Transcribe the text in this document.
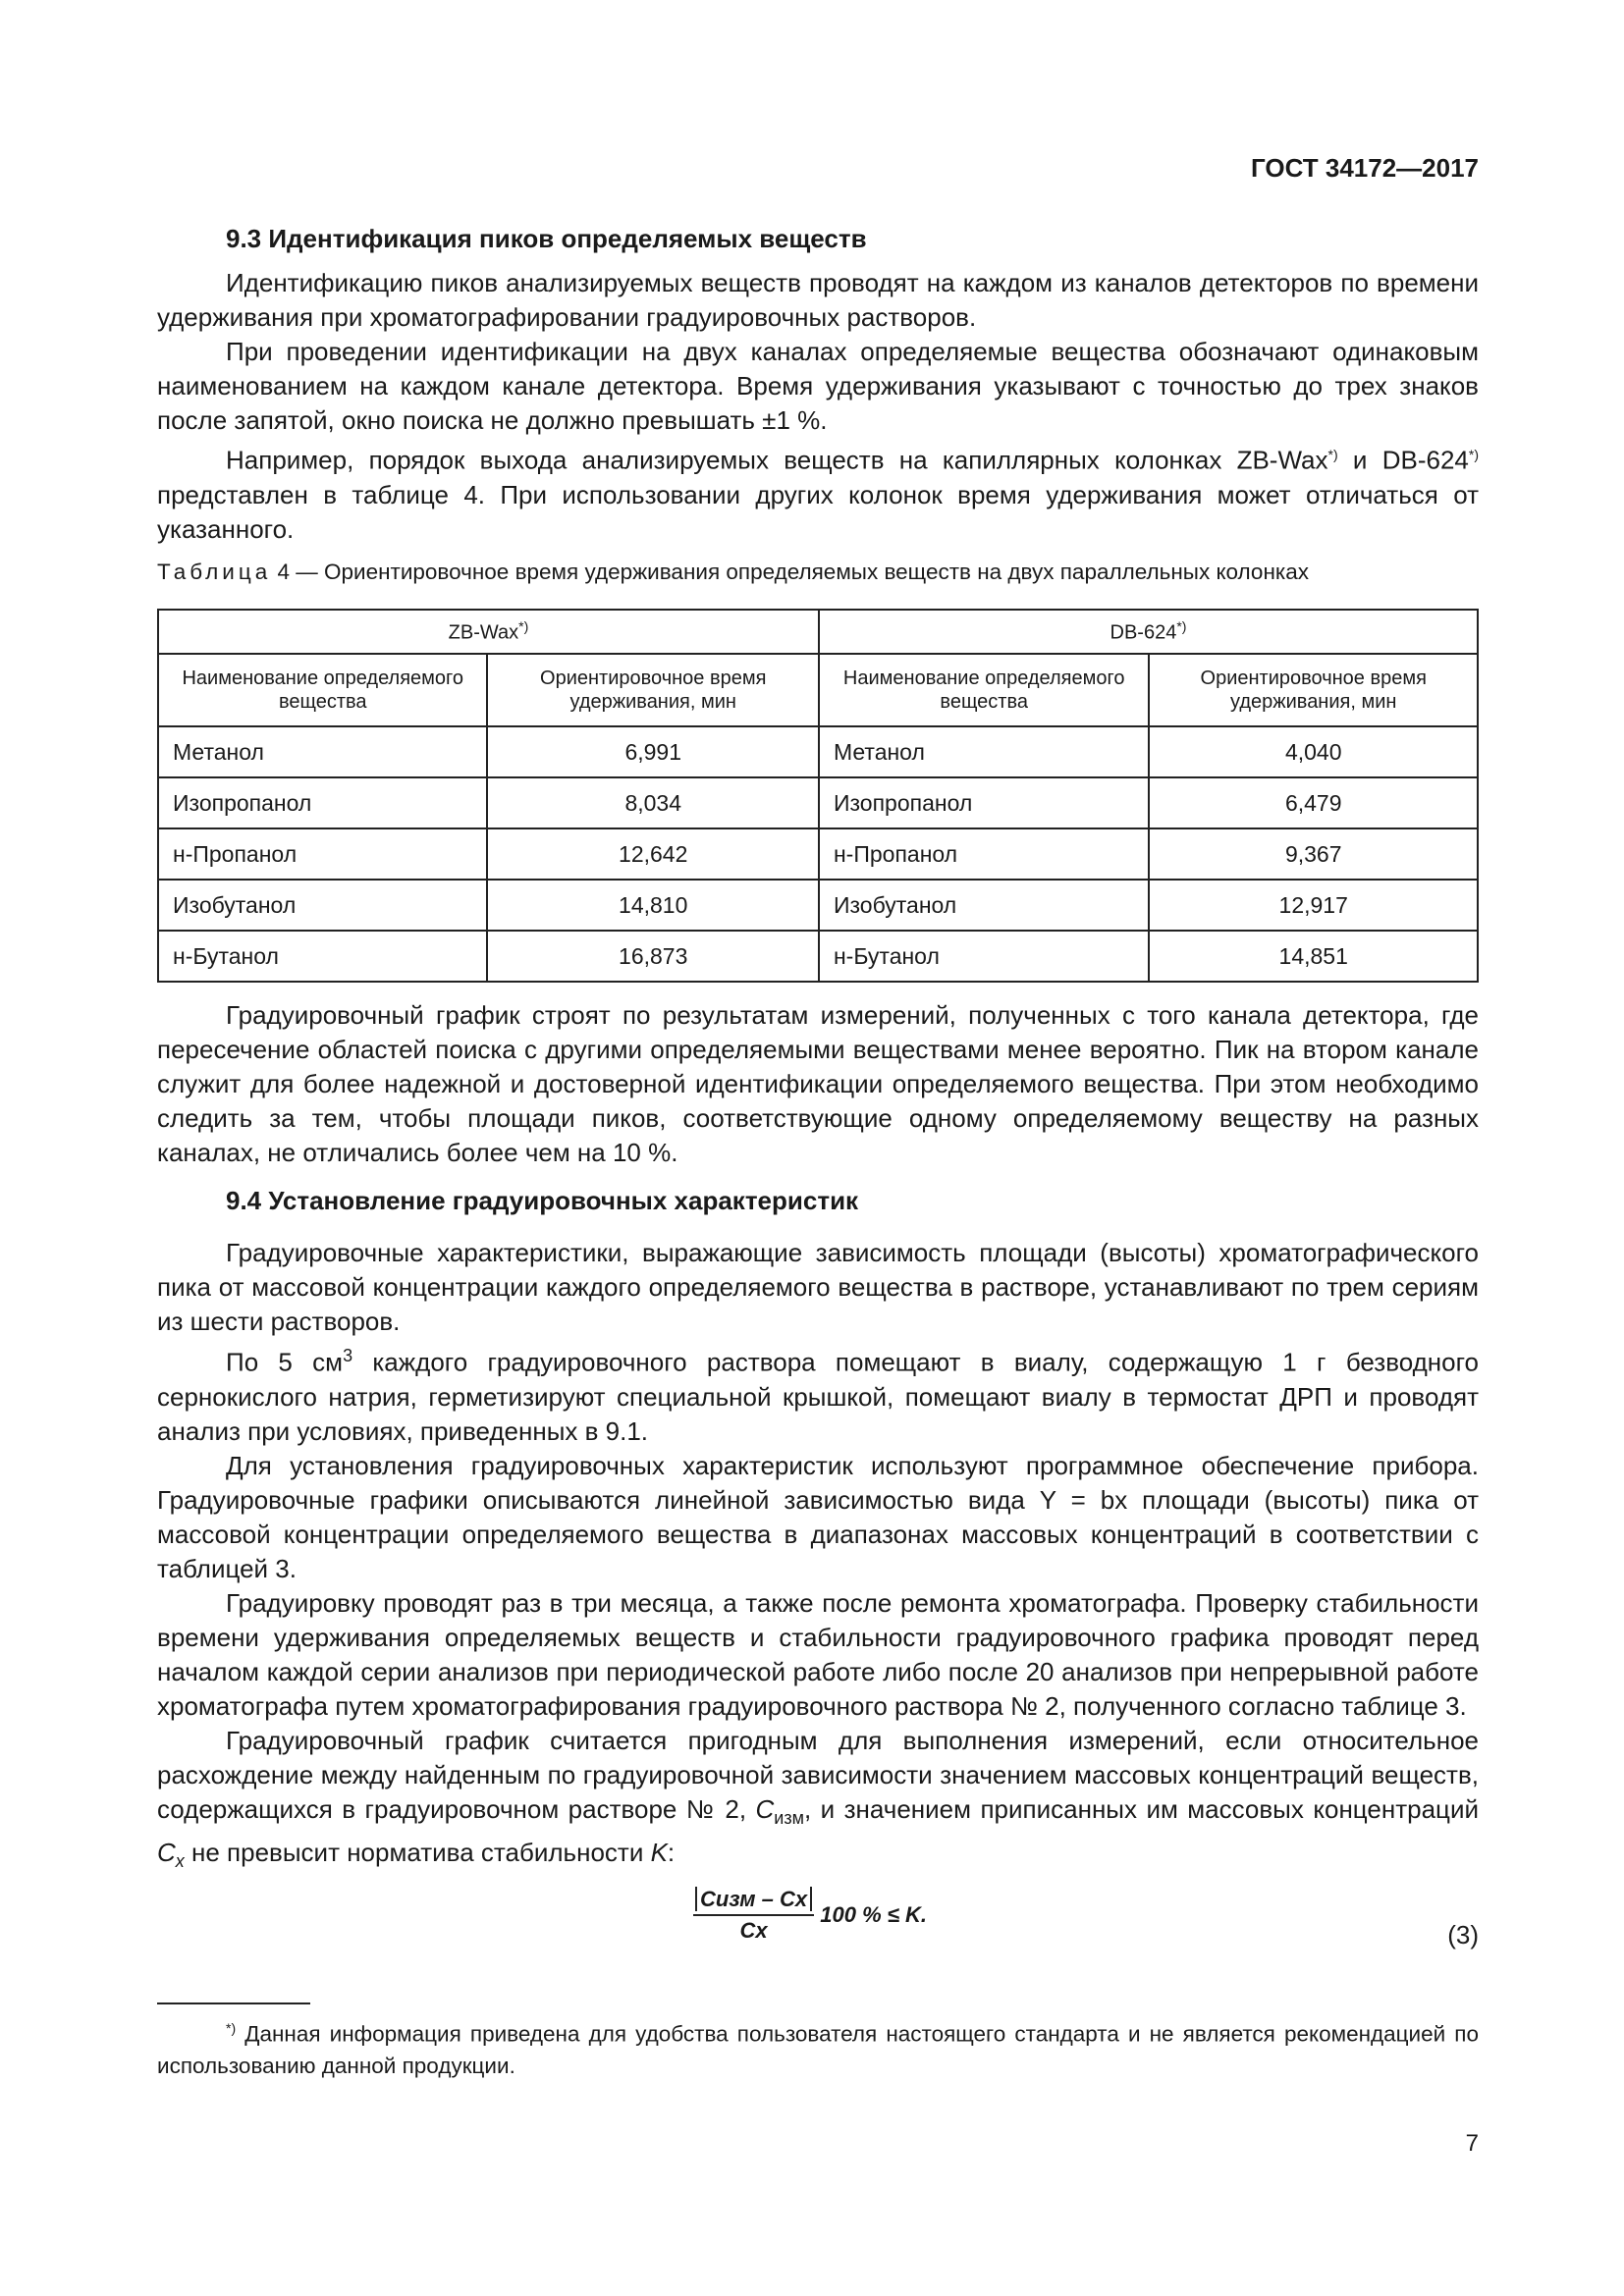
ГОСТ 34172—2017
9.3 Идентификация пиков определяемых веществ

Идентификацию пиков анализируемых веществ проводят на каждом из каналов детекторов по времени удерживания при хроматографировании градуировочных растворов.

При проведении идентификации на двух каналах определяемые вещества обозначают одинаковым наименованием на каждом канале детектора. Время удерживания указывают с точностью до трех знаков после запятой, окно поиска не должно превышать ±1 %.

Например, порядок выхода анализируемых веществ на капиллярных колонках ZB-Wax*) и DB-624*) представлен в таблице 4. При использовании других колонок время удерживания может отличаться от указанного.

Таблица 4 — Ориентировочное время удерживания определяемых веществ на двух параллельных колонках
ZB-Wax*)		DB-624*)
Наименование определяемого вещества	Ориентировочное время удерживания, мин	Наименование определяемого вещества	Ориентировочное время удерживания, мин
Метанол	6,991	Метанол	4,040
Изопропанол	8,034	Изопропанол	6,479
н-Пропанол	12,642	н-Пропанол	9,367
Изобутанол	14,810	Изобутанол	12,917
н-Бутанол	16,873	н-Бутанол	14,851

Градуировочный график строят по результатам измерений, полученных с того канала детектора, где пересечение областей поиска с другими определяемыми веществами менее вероятно. Пик на втором канале служит для более надежной и достоверной идентификации определяемого вещества. При этом необходимо следить за тем, чтобы площади пиков, соответствующие одному определяемому веществу на разных каналах, не отличались более чем на 10 %.

9.4 Установление градуировочных характеристик

Градуировочные характеристики, выражающие зависимость площади (высоты) хроматографического пика от массовой концентрации каждого определяемого вещества в растворе, устанавливают по трем сериям из шести растворов.

По 5 $см^3$ каждого градуировочного раствора помещают в виалу, содержащую 1 г безводного сернокислого натрия, герметизируют специальной крышкой, помещают виалу в термостат ДРП и проводят анализ при условиях, приведенных в 9.1.

Для установления градуировочных характеристик используют программное обеспечение прибора. Градуировочные графики описываются линейной зависимостью вида Y = bx площади (высоты) пика от массовой концентрации определяемого вещества в диапазонах массовых концентраций в соответствии с таблицей 3.

Градуировку проводят раз в три месяца, а также после ремонта хроматографа. Проверку стабильности времени удерживания определяемых веществ и стабильности градуировочного графика проводят перед началом каждой серии анализов при периодической работе либо после 20 анализов при непрерывной работе хроматографа путем хроматографирования градуировочного раствора № 2, полученного согласно таблице 3.

Градуировочный график считается пригодным для выполнения измерений, если относительное расхождение между найденным по градуировочной зависимости значением массовых концентраций веществ, содержащихся в градуировочном растворе № 2, $C_{изм}$, и значением приписанных им массовых концентраций $C_x$ не превысит норматива стабильности K:

$\frac{\text{Сизм – Сx}}{Сx} 100$ % ≤ K.
(3)
*) Данная информация приведена для удобства пользователя настоящего стандарта и не является рекомендацией по использованию данной продукции.
7
